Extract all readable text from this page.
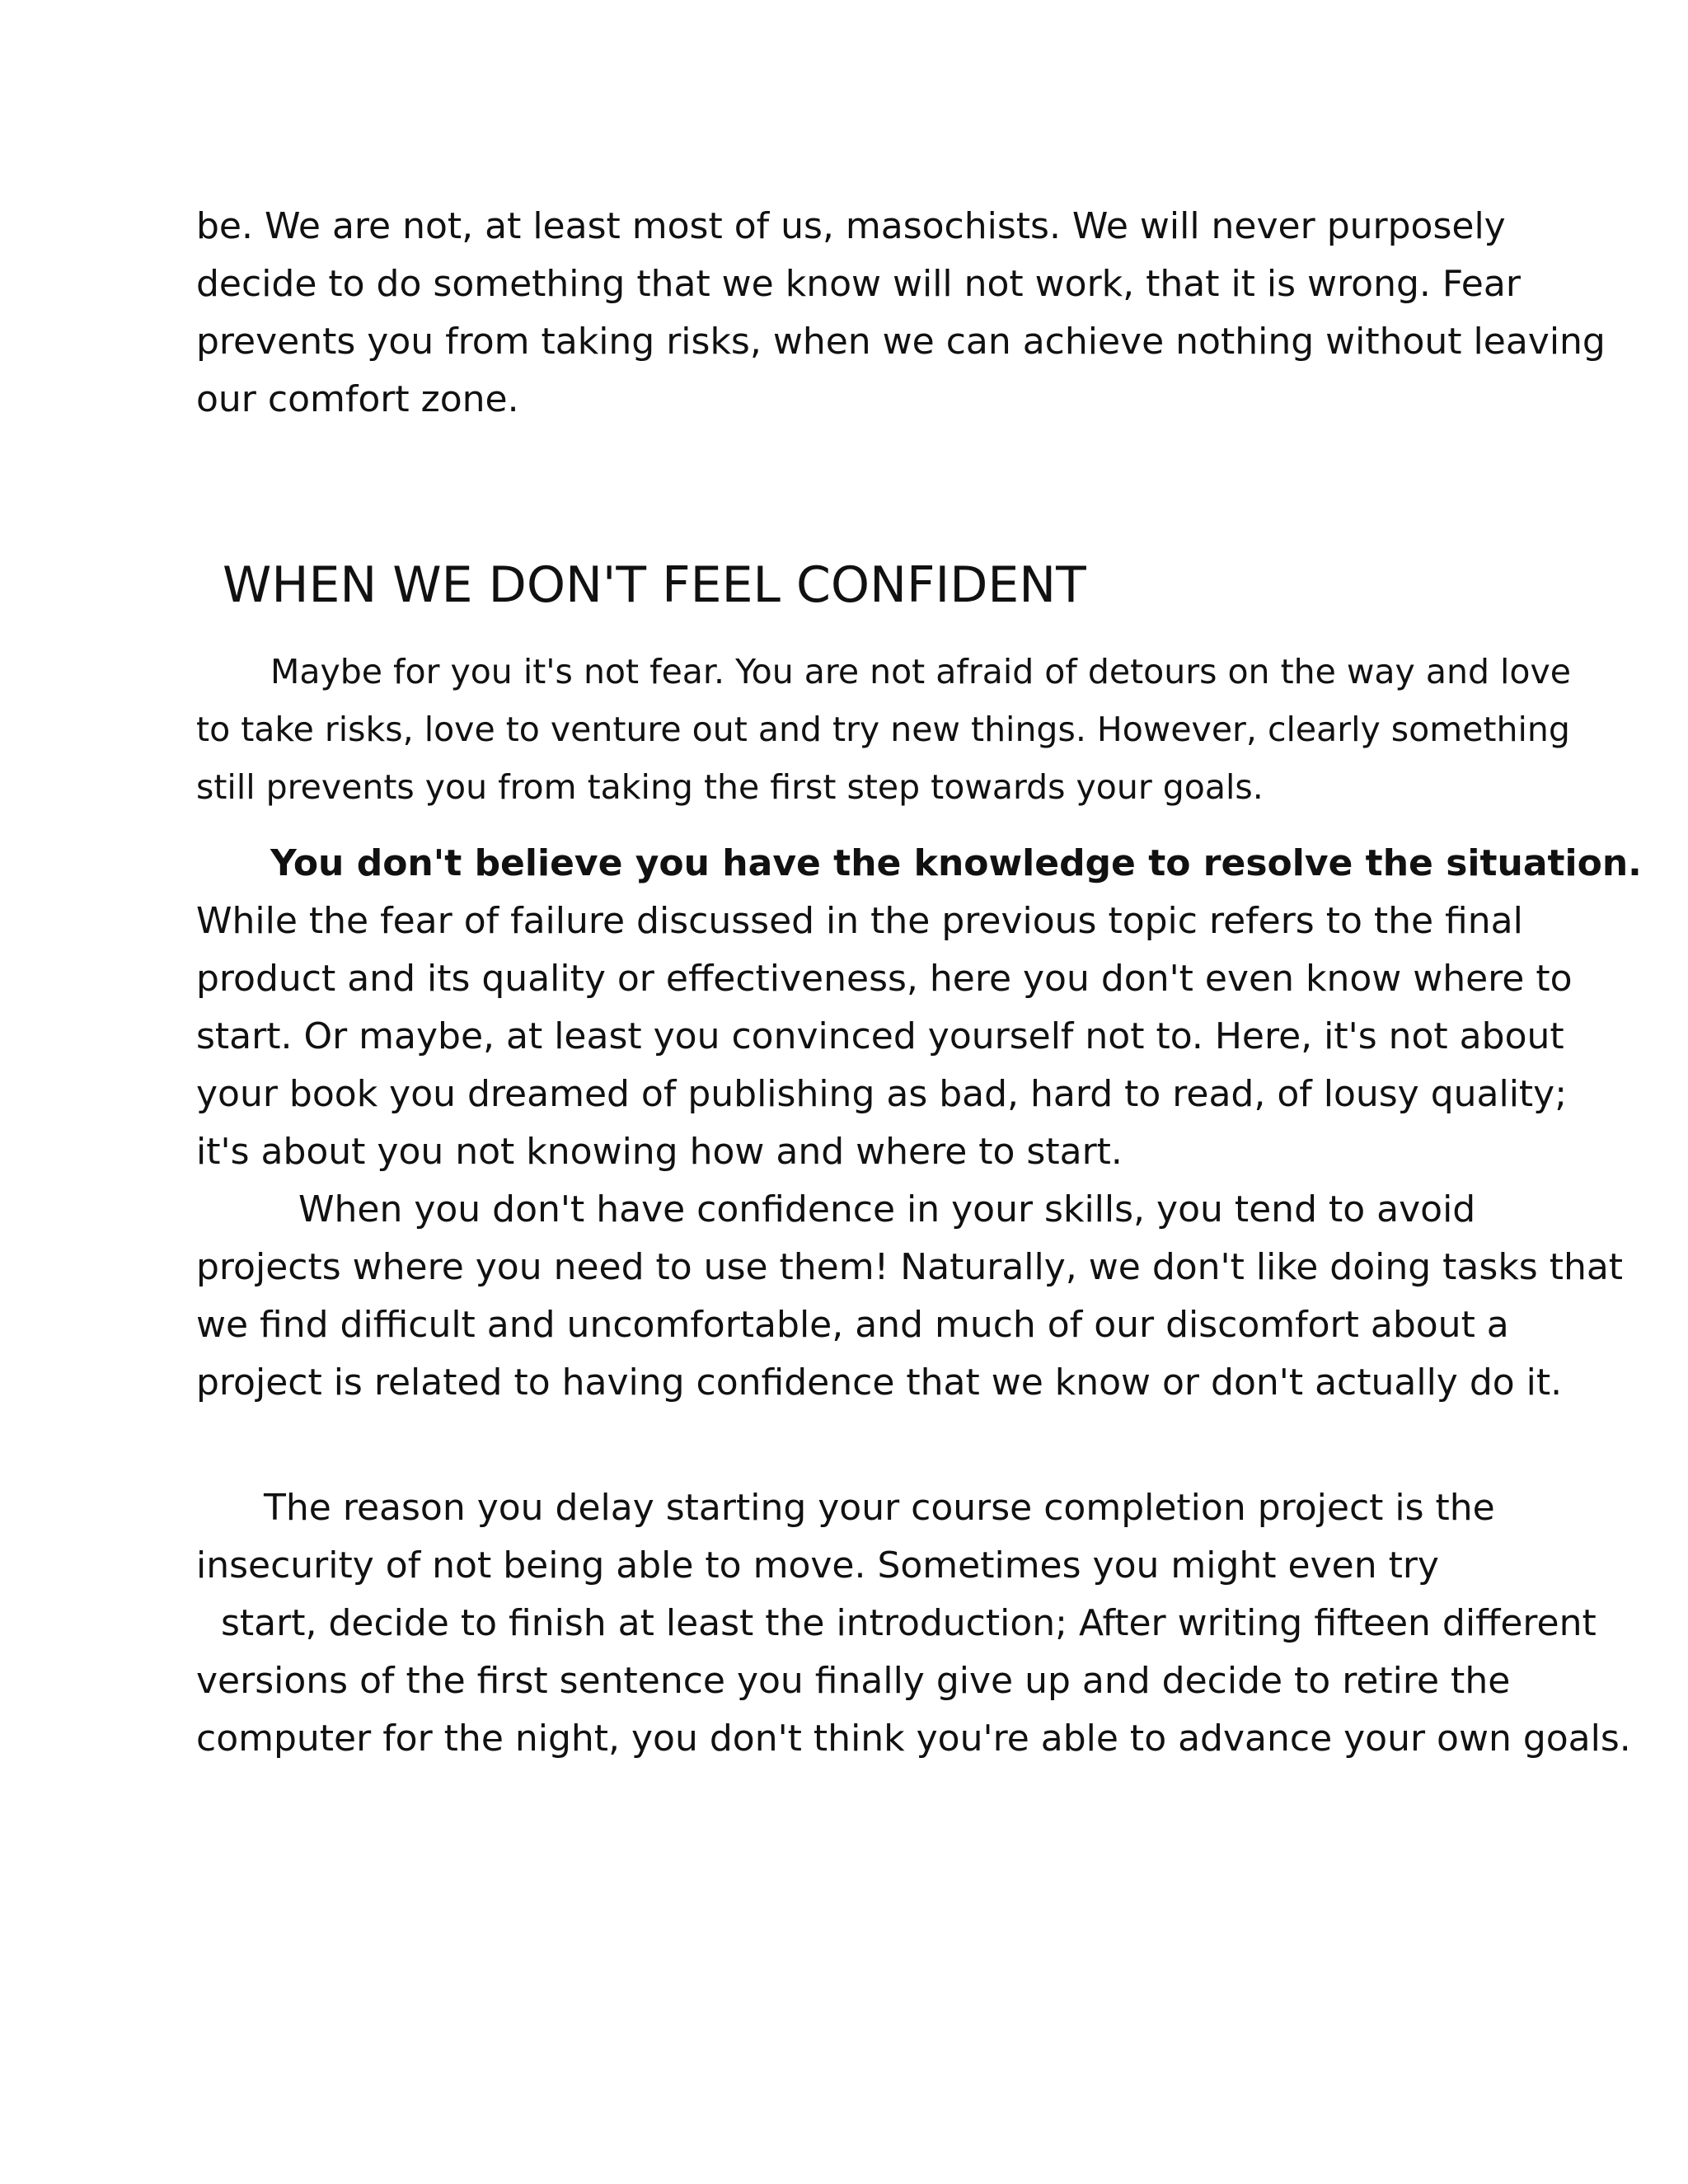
be. We are not, at least most of us, masochists. We will never purposely

decide to do something that we know will not work, that it is wrong. Fear

prevents you from taking risks, when we can achieve nothing without leaving

our comfort zone.

WHEN WE DON'T FEEL CONFIDENT

Maybe for you it's not fear. You are not afraid of detours on the way and love

to take risks, love to venture out and try new things. However, clearly something

still prevents you from taking the first step towards your goals.

You don't believe you have the knowledge to resolve the situation.

While the fear of failure discussed in the previous topic refers to the final

product and its quality or effectiveness, here you don't even know where to

start. Or maybe, at least you convinced yourself not to. Here, it's not about

your book you dreamed of publishing as bad, hard to read, of lousy quality;

it's about you not knowing how and where to start.

When you don't have confidence in your skills, you tend to avoid

projects where you need to use them! Naturally, we don't like doing tasks that

we find difficult and uncomfortable, and much of our discomfort about a

project is related to having confidence that we know or don't actually do it.

The reason you delay starting your course completion project is the

insecurity of not being able to move. Sometimes you might even try

start, decide to finish at least the introduction; After writing fifteen different

versions of the first sentence you finally give up and decide to retire the

computer for the night, you don't think you're able to advance your own goals.
